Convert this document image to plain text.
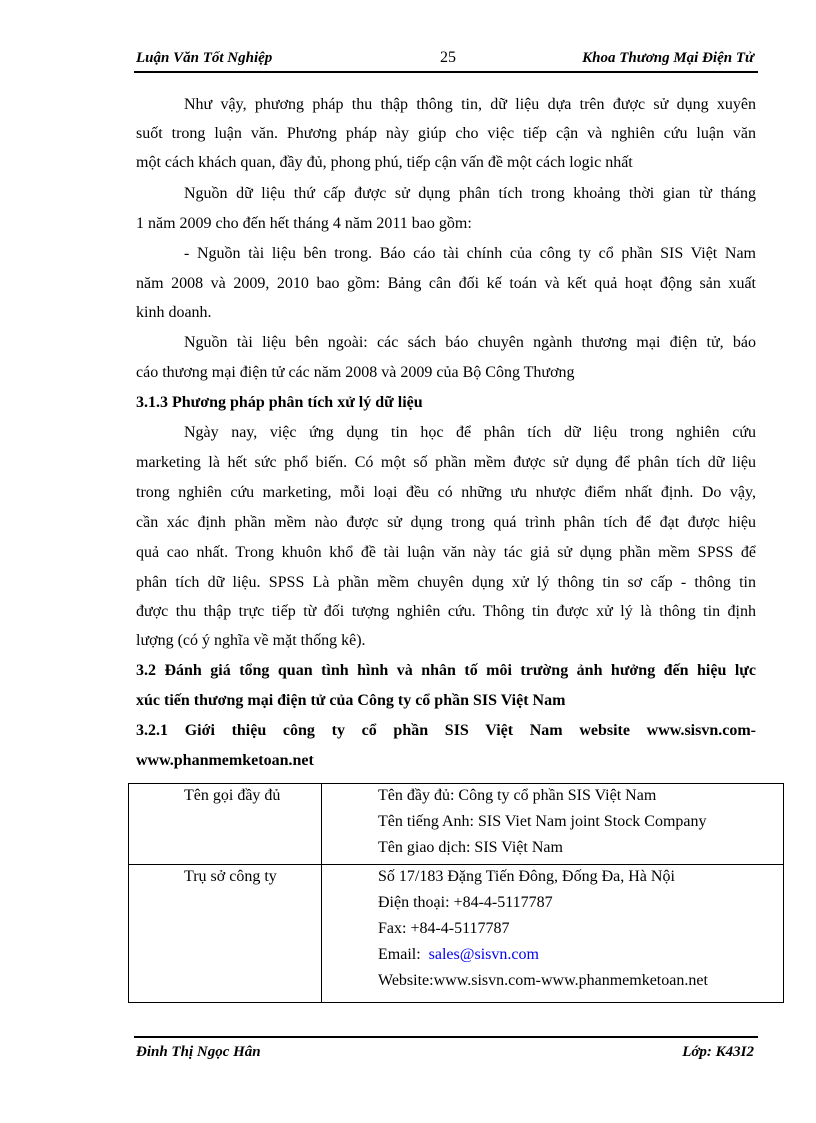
Luận Văn Tốt Nghiệp	25	Khoa Thương Mại Điện Tử
Như vậy, phương pháp thu thập thông tin, dữ liệu dựa trên được sử dụng xuyên
suốt trong luận văn. Phương pháp này giúp cho việc tiếp cận và nghiên cứu luận văn
một cách khách quan, đầy đủ, phong phú, tiếp cận vấn đề một cách logic nhất
Nguồn dữ liệu thứ cấp được sử dụng phân tích trong khoảng thời gian từ tháng
1 năm 2009 cho đến hết tháng 4 năm 2011 bao gồm:
- Nguồn tài liệu bên trong. Báo cáo tài chính của công ty cổ phần SIS Việt Nam
năm 2008 và 2009, 2010 bao gồm: Bảng cân đối kế toán và kết quả hoạt động sản xuất
kinh doanh.
Nguồn tài liệu bên ngoài: các sách báo chuyên ngành thương mại điện tử, báo
cáo thương mại điện tử các năm 2008 và 2009 của Bộ Công Thương
3.1.3 Phương pháp phân tích xử lý dữ liệu
Ngày nay, việc ứng dụng tin học để phân tích dữ liệu trong nghiên cứu
marketing là hết sức phổ biến. Có một số phần mềm được sử dụng để phân tích dữ liệu
trong nghiên cứu marketing, mỗi loại đều có những ưu nhược điểm nhất định. Do vậy,
cần xác định phần mềm nào được sử dụng trong quá trình phân tích để đạt được hiệu
quả cao nhất. Trong khuôn khổ đề tài luận văn này tác giả sử dụng phần mềm SPSS để
phân tích dữ liệu. SPSS Là phần mềm chuyên dụng xử lý thông tin sơ cấp - thông tin
được thu thập trực tiếp từ đối tượng nghiên cứu. Thông tin được xử lý là thông tin định
lượng (có ý nghĩa về mặt thống kê).
3.2 Đánh giá tổng quan tình hình và nhân tố môi trường ảnh hưởng đến hiệu lực
xúc tiến thương mại điện tử của Công ty cổ phần SIS Việt Nam
3.2.1 Giới thiệu công ty cổ phần SIS Việt Nam website www.sisvn.com-
www.phanmemketoan.net
Tên gọi đầy đủ	Tên đầy đủ: Công ty cổ phần SIS Việt Nam
Tên tiếng Anh: SIS Viet Nam joint Stock Company
Tên giao dịch: SIS Việt Nam

Trụ sở công ty	Số 17/183 Đặng Tiến Đông, Đống Đa, Hà Nội
Điện thoại: +84-4-5117787
Fax: +84-4-5117787
Email:  sales@sisvn.com
Website:www.sisvn.com-www.phanmemketoan.net
Đinh Thị Ngọc Hân	Lớp: K43I2
